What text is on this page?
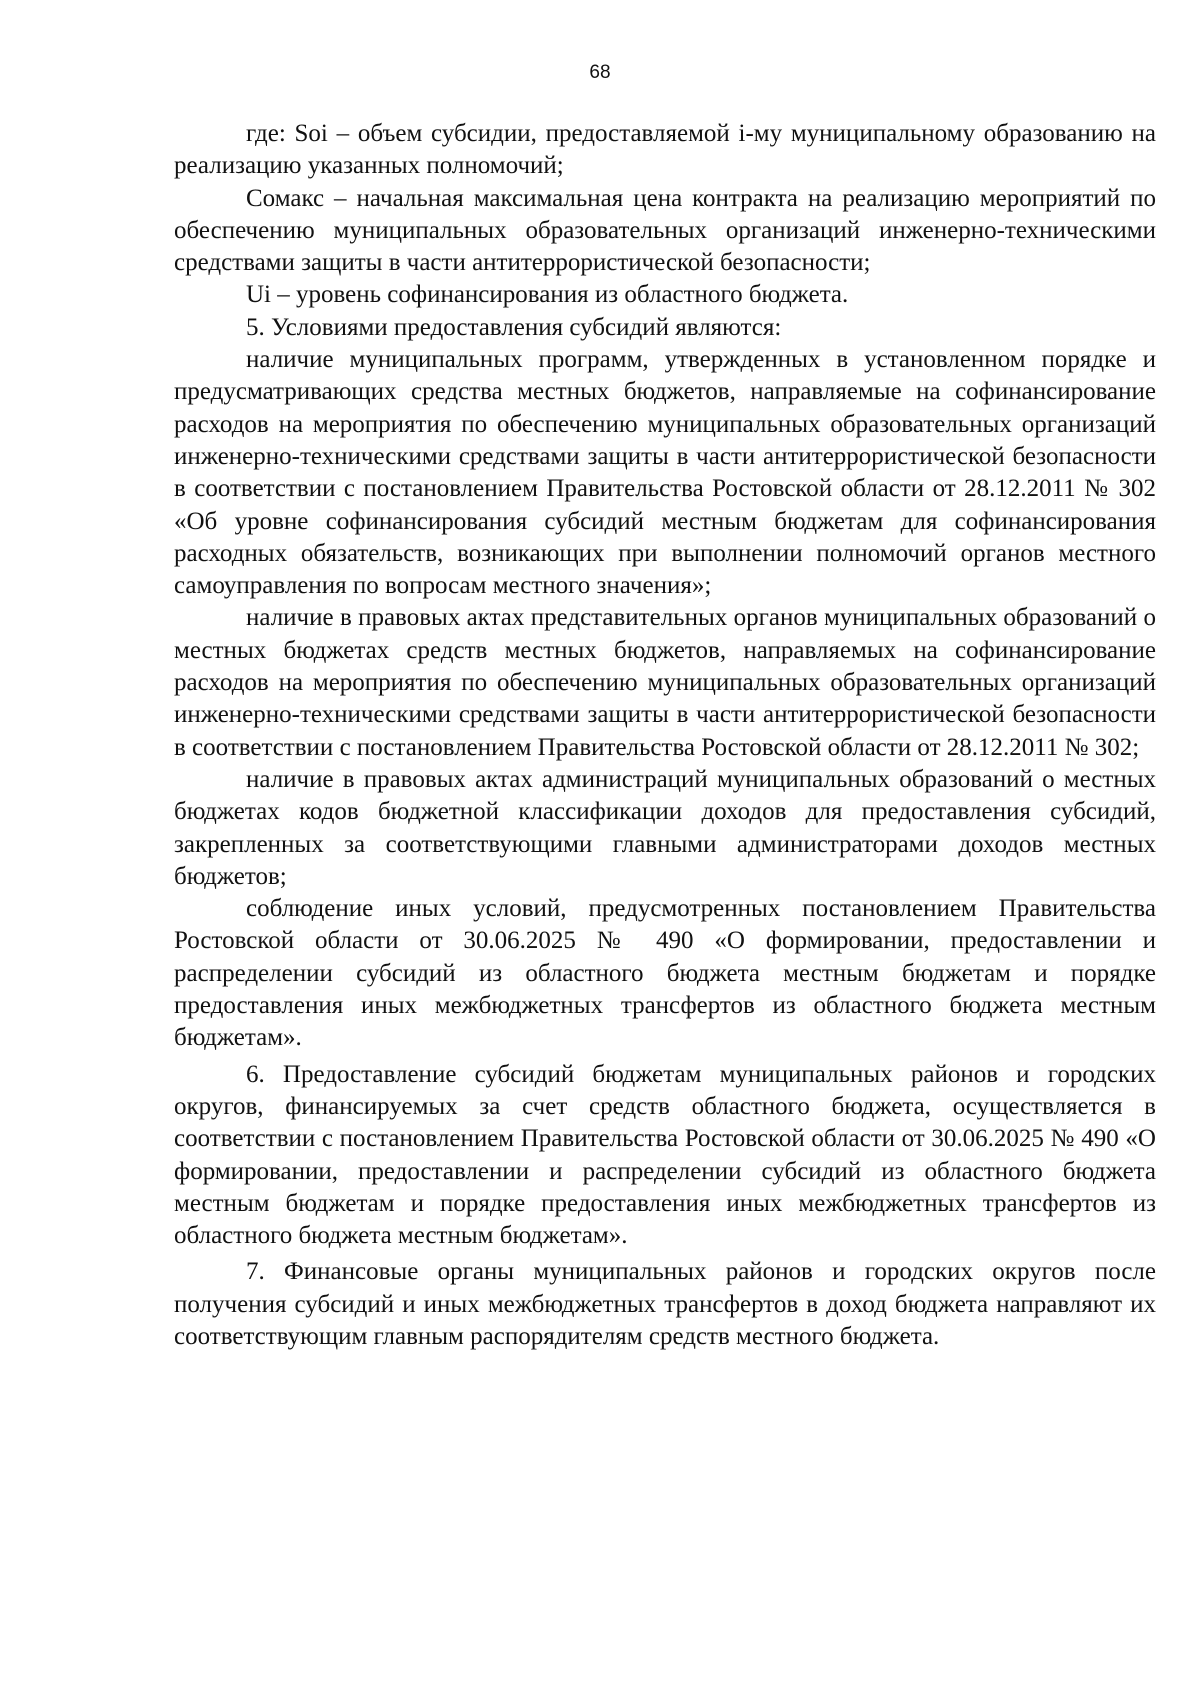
68

где: Soi – объем субсидии, предоставляемой i-му муниципальному образованию на реализацию указанных полномочий;

Сомакс – начальная максимальная цена контракта на реализацию мероприятий по обеспечению муниципальных образовательных организаций инженерно-техническими средствами защиты в части антитеррористической безопасности;

Ui – уровень софинансирования из областного бюджета.

5. Условиями предоставления субсидий являются:

наличие муниципальных программ, утвержденных в установленном порядке и предусматривающих средства местных бюджетов, направляемые на софинансирование расходов на мероприятия по обеспечению муниципальных образовательных организаций инженерно-техническими средствами защиты в части антитеррористической безопасности в соответствии с постановлением Правительства Ростовской области от 28.12.2011 № 302 «Об уровне софинансирования субсидий местным бюджетам для софинансирования расходных обязательств, возникающих при выполнении полномочий органов местного самоуправления по вопросам местного значения»;

наличие в правовых актах представительных органов муниципальных образований о местных бюджетах средств местных бюджетов, направляемых на софинансирование расходов на мероприятия по обеспечению муниципальных образовательных организаций инженерно-техническими средствами защиты в части антитеррористической безопасности в соответствии с постановлением Правительства Ростовской области от 28.12.2011 № 302;

наличие в правовых актах администраций муниципальных образований о местных бюджетах кодов бюджетной классификации доходов для предоставления субсидий, закрепленных за соответствующими главными администраторами доходов местных бюджетов;

соблюдение иных условий, предусмотренных постановлением Правительства Ростовской области от 30.06.2025 № 490 «О формировании, предоставлении и распределении субсидий из областного бюджета местным бюджетам и порядке предоставления иных межбюджетных трансфертов из областного бюджета местным бюджетам».

6. Предоставление субсидий бюджетам муниципальных районов и городских округов, финансируемых за счет средств областного бюджета, осуществляется в соответствии с постановлением Правительства Ростовской области от 30.06.2025 № 490 «О формировании, предоставлении и распределении субсидий из областного бюджета местным бюджетам и порядке предоставления иных межбюджетных трансфертов из областного бюджета местным бюджетам».

7. Финансовые органы муниципальных районов и городских округов после получения субсидий и иных межбюджетных трансфертов в доход бюджета направляют их соответствующим главным распорядителям средств местного бюджета.
